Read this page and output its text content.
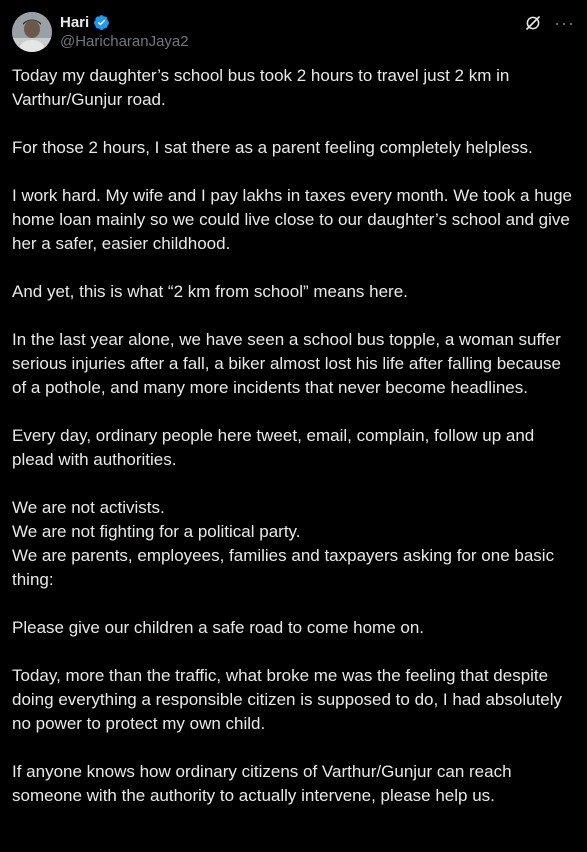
Hari
@HaricharanJaya2
···

Today my daughter’s school bus took 2 hours to travel just 2 km in Varthur/Gunjur road.

For those 2 hours, I sat there as a parent feeling completely helpless.

I work hard. My wife and I pay lakhs in taxes every month. We took a huge home loan mainly so we could live close to our daughter’s school and give her a safer, easier childhood.

And yet, this is what “2 km from school” means here.

In the last year alone, we have seen a school bus topple, a woman suffer serious injuries after a fall, a biker almost lost his life after falling because of a pothole, and many more incidents that never become headlines.

Every day, ordinary people here tweet, email, complain, follow up and plead with authorities.

We are not activists.

We are not fighting for a political party.

We are parents, employees, families and taxpayers asking for one basic thing:

Please give our children a safe road to come home on.

Today, more than the traffic, what broke me was the feeling that despite doing everything a responsible citizen is supposed to do, I had absolutely no power to protect my own child.

If anyone knows how ordinary citizens of Varthur/Gunjur can reach someone with the authority to actually intervene, please help us.
